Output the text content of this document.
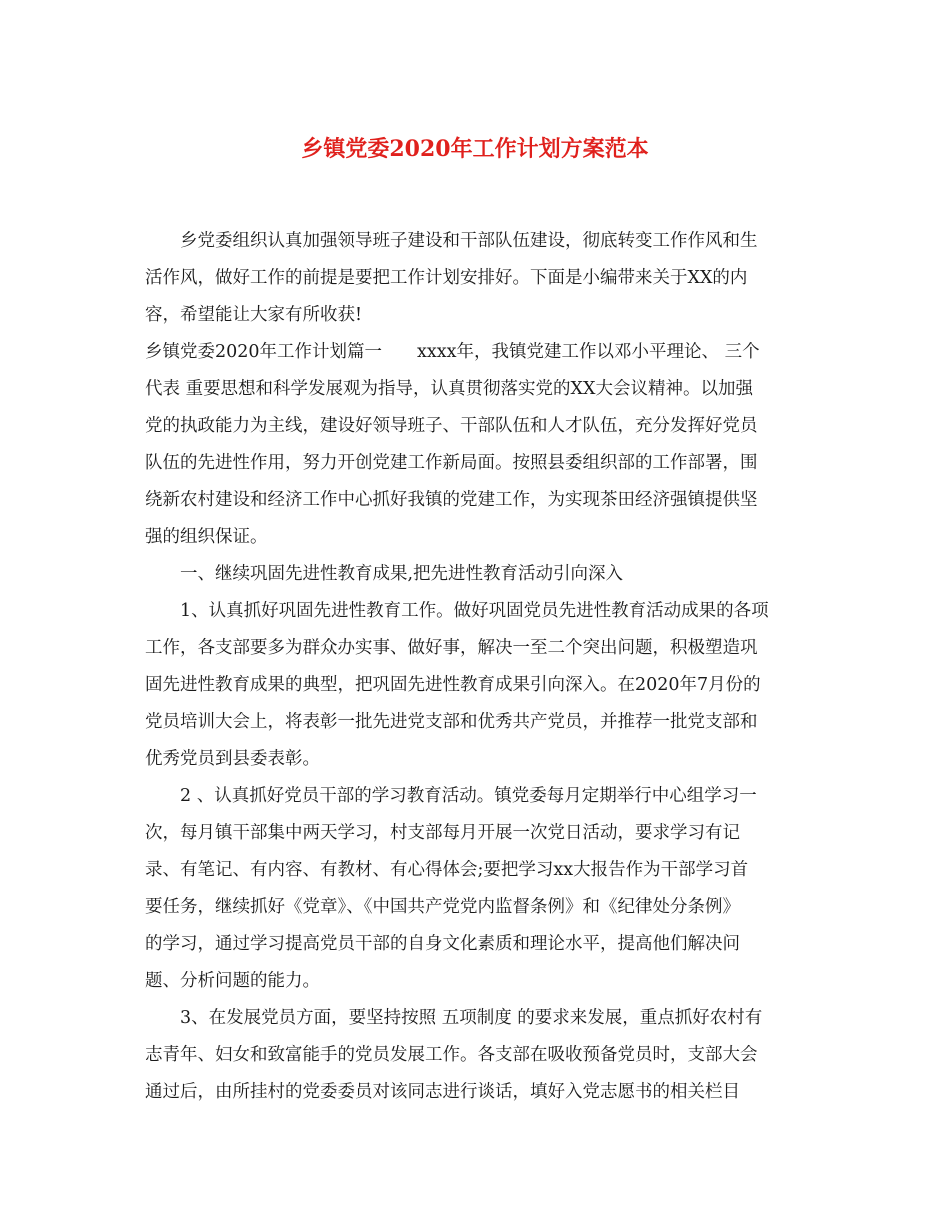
乡镇党委2020年工作计划方案范本
乡党委组织认真加强领导班子建设和干部队伍建设，彻底转变工作作风和生
活作风，做好工作的前提是要把工作计划安排好。下面是小编带来关于XX的内
容，希望能让大家有所收获!
乡镇党委2020年工作计划篇一　　xxxx年，我镇党建工作以邓小平理论、 三个
代表 重要思想和科学发展观为指导，认真贯彻落实党的XX大会议精神。以加强
党的执政能力为主线，建设好领导班子、干部队伍和人才队伍，充分发挥好党员
队伍的先进性作用，努力开创党建工作新局面。按照县委组织部的工作部署，围
绕新农村建设和经济工作中心抓好我镇的党建工作，为实现茶田经济强镇提供坚
强的组织保证。
一、继续巩固先进性教育成果,把先进性教育活动引向深入
1、认真抓好巩固先进性教育工作。做好巩固党员先进性教育活动成果的各项
工作，各支部要多为群众办实事、做好事，解决一至二个突出问题，积极塑造巩
固先进性教育成果的典型，把巩固先进性教育成果引向深入。在2020年7月份的
党员培训大会上，将表彰一批先进党支部和优秀共产党员，并推荐一批党支部和
优秀党员到县委表彰。
2 、认真抓好党员干部的学习教育活动。镇党委每月定期举行中心组学习一
次，每月镇干部集中两天学习，村支部每月开展一次党日活动，要求学习有记
录、有笔记、有内容、有教材、有心得体会;要把学习xx大报告作为干部学习首
要任务，继续抓好《党章》、《中国共产党党内监督条例》和《纪律处分条例》
的学习，通过学习提高党员干部的自身文化素质和理论水平，提高他们解决问
题、分析问题的能力。
3、在发展党员方面，要坚持按照 五项制度 的要求来发展，重点抓好农村有
志青年、妇女和致富能手的党员发展工作。各支部在吸收预备党员时，支部大会
通过后，由所挂村的党委委员对该同志进行谈话，填好入党志愿书的相关栏目
